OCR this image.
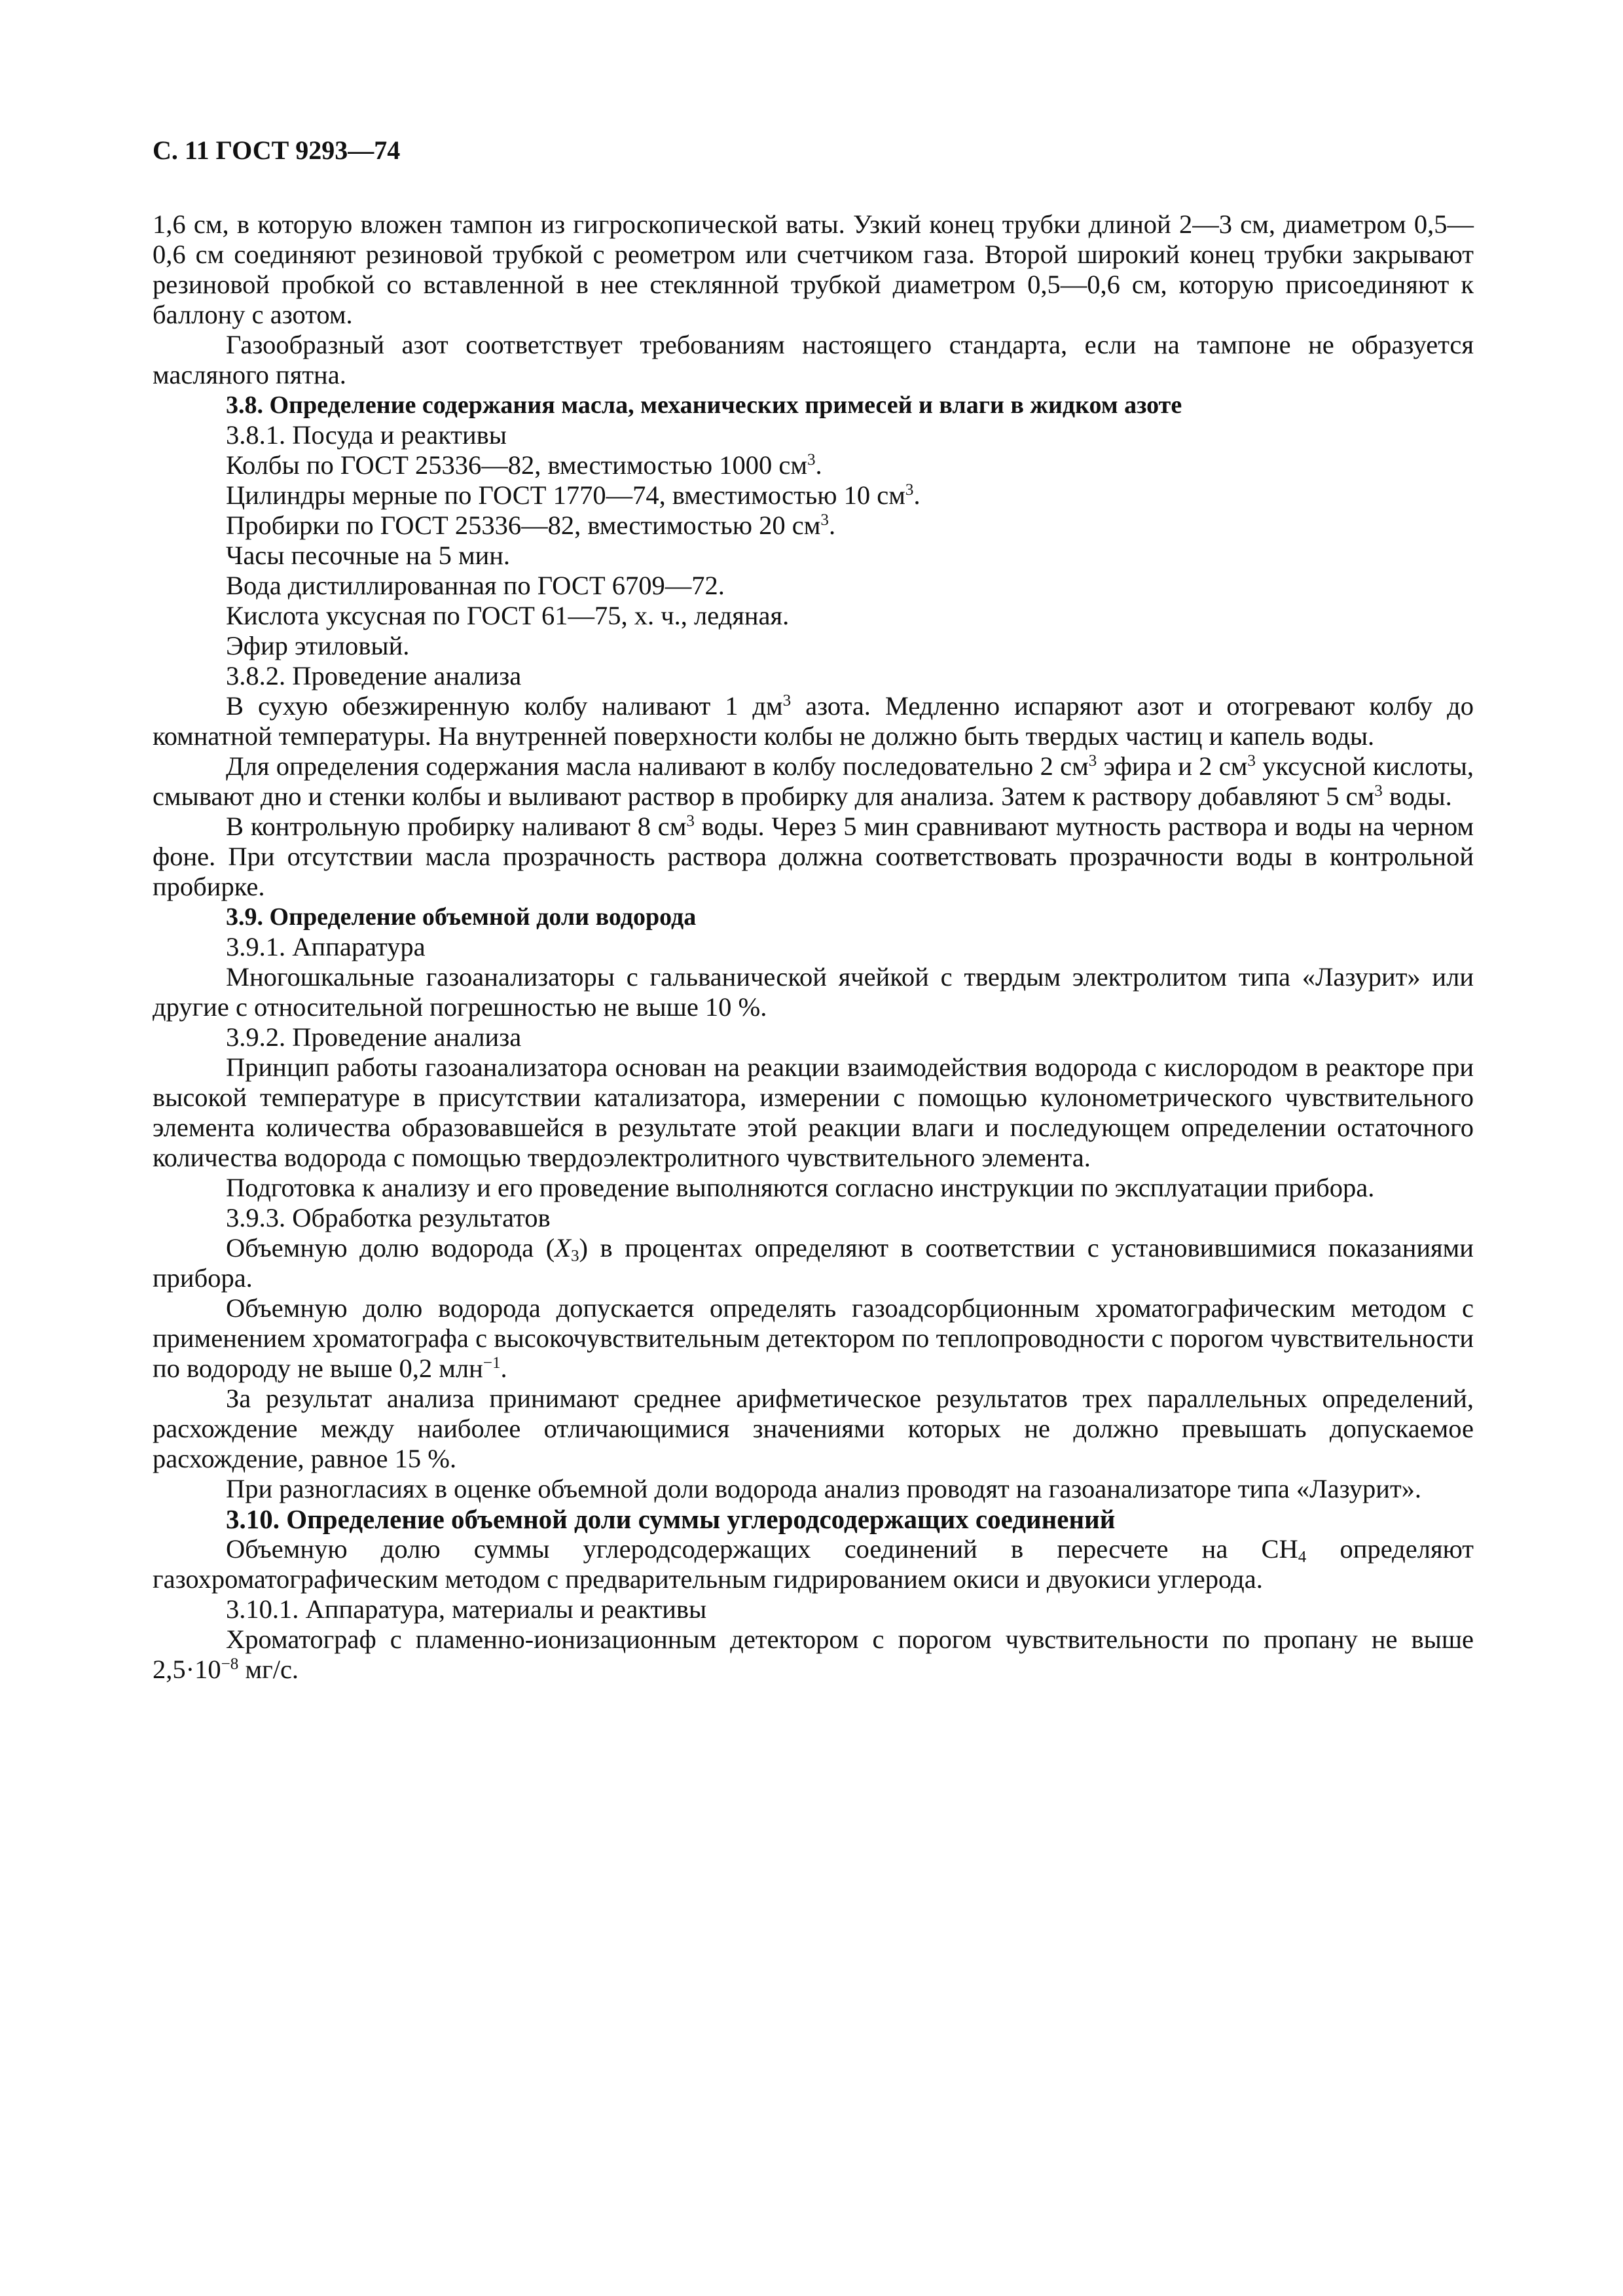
С. 11 ГОСТ 9293—74
1,6 см, в которую вложен тампон из гигроскопической ваты. Узкий конец трубки длиной 2—3 см, диаметром 0,5—0,6 см соединяют резиновой трубкой с реометром или счетчиком газа. Второй широкий конец трубки закрывают резиновой пробкой со вставленной в нее стеклянной трубкой диаметром 0,5—0,6 см, которую присоединяют к баллону с азотом.
Газообразный азот соответствует требованиям настоящего стандарта, если на тампоне не образуется масляного пятна.
3.8. Определение содержания масла, механических примесей и влаги в жидком азоте
3.8.1. Посуда и реактивы
Колбы по ГОСТ 25336—82, вместимостью 1000 $см^3$.
Цилиндры мерные по ГОСТ 1770—74, вместимостью 10 $см^3$.
Пробирки по ГОСТ 25336—82, вместимостью 20 $см^3$.
Часы песочные на 5 мин.
Вода дистиллированная по ГОСТ 6709—72.
Кислота уксусная по ГОСТ 61—75, х. ч., ледяная.
Эфир этиловый.
3.8.2. Проведение анализа
В сухую обезжиренную колбу наливают 1 $дм^3$ азота. Медленно испаряют азот и отогревают колбу до комнатной температуры. На внутренней поверхности колбы не должно быть твердых частиц и капель воды.
Для определения содержания масла наливают в колбу последовательно 2 $см^3$ эфира и 2 $см^3$ уксусной кислоты, смывают дно и стенки колбы и выливают раствор в пробирку для анализа. Затем к раствору добавляют 5 $см^3$ воды.
В контрольную пробирку наливают 8 $см^3$ воды. Через 5 мин сравнивают мутность раствора и воды на черном фоне. При отсутствии масла прозрачность раствора должна соответствовать прозрачности воды в контрольной пробирке.
3.9. Определение объемной доли водорода
3.9.1. Аппаратура
Многошкальные газоанализаторы с гальванической ячейкой с твердым электролитом типа «Лазурит» или другие с относительной погрешностью не выше 10 %.
3.9.2. Проведение анализа
Принцип работы газоанализатора основан на реакции взаимодействия водорода с кислородом в реакторе при высокой температуре в присутствии катализатора, измерении с помощью кулонометрического чувствительного элемента количества образовавшейся в результате этой реакции влаги и последующем определении остаточного количества водорода с помощью твердоэлектролитного чувствительного элемента.
Подготовка к анализу и его проведение выполняются согласно инструкции по эксплуатации прибора.
3.9.3. Обработка результатов
Объемную долю водорода $(X_3)$ в процентах определяют в соответствии с установившимися показаниями прибора.
Объемную долю водорода допускается определять газоадсорбционным хроматографическим методом с применением хроматографа с высокочувствительным детектором по теплопроводности с порогом чувствительности по водороду не выше 0,2 млн$^{-1}$.
За результат анализа принимают среднее арифметическое результатов трех параллельных определений, расхождение между наиболее отличающимися значениями которых не должно превышать допускаемое расхождение, равное 15 %.
При разногласиях в оценке объемной доли водорода анализ проводят на газоанализаторе типа «Лазурит».
3.10. Определение объемной доли суммы углеродсодержащих соединений
Объемную долю суммы углеродсодержащих соединений в пересчете на $CH_4$ определяют газохроматографическим методом с предварительным гидрированием окиси и двуокиси углерода.
3.10.1. Аппаратура, материалы и реактивы
Хроматограф с пламенно-ионизационным детектором с порогом чувствительности по пропану не выше $2,5\cdot 10^{-8}$ мг/с.
